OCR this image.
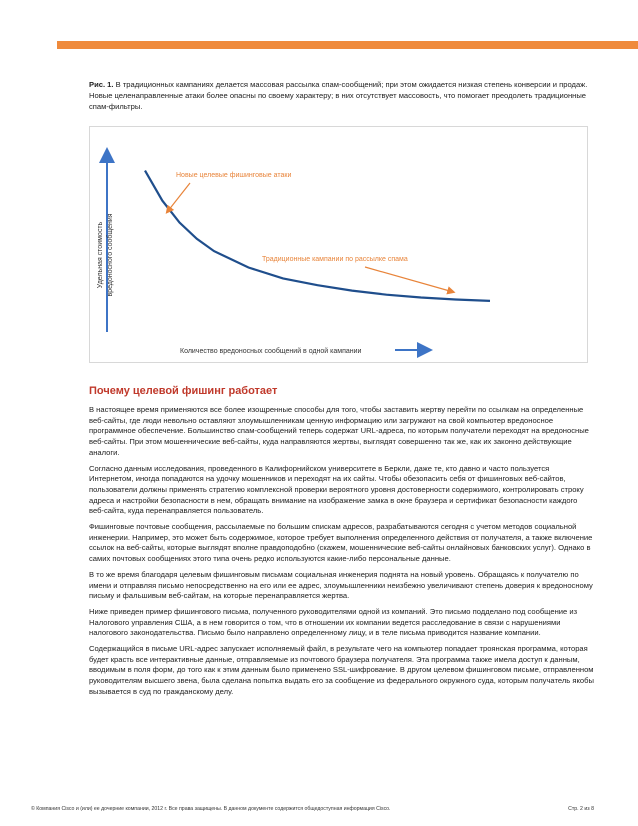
Рис. 1. В традиционных кампаниях делается массовая рассылка спам-сообщений; при этом ожидается низкая степень конверсии и продаж. Новые целенаправленные атаки более опасны по своему характеру; в них отсутствует массовость, что помогает преодолеть традиционные спам-фильтры.
Удельная стоимость вредоносного сообщения
Количество вредоносных сообщений в одной кампании
Новые целевые фишинговые атаки
Традиционные кампании по рассылке спама
Почему целевой фишинг работает

В настоящее время применяются все более изощренные способы для того, чтобы заставить жертву перейти по ссылкам на определенные веб-сайты, где люди невольно оставляют злоумышленникам ценную информацию или загружают на свой компьютер вредоносное программное обеспечение. Большинство спам-сообщений теперь содержат URL-адреса, по которым получатели переходят на вредоносные веб-сайты. При этом мошеннические веб-сайты, куда направляются жертвы, выглядят совершенно так же, как их законно действующие аналоги.

Согласно данным исследования, проведенного в Калифорнийском университете в Беркли, даже те, кто давно и часто пользуется Интернетом, иногда попадаются на удочку мошенников и переходят на их сайты. Чтобы обезопасить себя от фишинговых веб-сайтов, пользователи должны применять стратегию комплексной проверки вероятного уровня достоверности содержимого, контролировать строку адреса и настройки безопасности в нем, обращать внимание на изображение замка в окне браузера и сертификат безопасности каждого веб-сайта, куда перенаправляется пользователь.

Фишинговые почтовые сообщения, рассылаемые по большим спискам адресов, разрабатываются сегодня с учетом методов социальной инженерии. Например, это может быть содержимое, которое требует выполнения определенного действия от получателя, а также включение ссылок на веб-сайты, которые выглядят вполне правдоподобно (скажем, мошеннические веб-сайты онлайновых банковских услуг). Однако в самих почтовых сообщениях этого типа очень редко используются какие-либо персональные данные.

В то же время благодаря целевым фишинговым письмам социальная инженерия поднята на новый уровень. Обращаясь к получателю по имени и отправляя письмо непосредственно на его или ее адрес, злоумышленники неизбежно увеличивают степень доверия к вредоносному письму и фальшивым веб-сайтам, на которые перенаправляется жертва.

Ниже приведен пример фишингового письма, полученного руководителями одной из компаний. Это письмо подделано под сообщение из Налогового управления США, а в нем говорится о том, что в отношении их компании ведется расследование в связи с нарушениями налогового законодательства. Письмо было направлено определенному лицу, и в теле письма приводится название компании.

Содержащийся в письме URL-адрес запускает исполняемый файл, в результате чего на компьютер попадает троянская программа, которая будет красть все интерактивные данные, отправляемые из почтового браузера получателя. Эта программа также имела доступ к данным, вводимым в поля форм, до того как к этим данным было применено SSL-шифрование. В другом целевом фишинговом письме, отправленном руководителям высшего звена, была сделана попытка выдать его за сообщение из федерального окружного суда, которым получатель якобы вызывается в суд по гражданскому делу.

© Компания Cisco и (или) ее дочерние компании, 2012 г. Все права защищены. В данном документе содержится общедоступная информация Cisco.	Стр. 2 из 8
